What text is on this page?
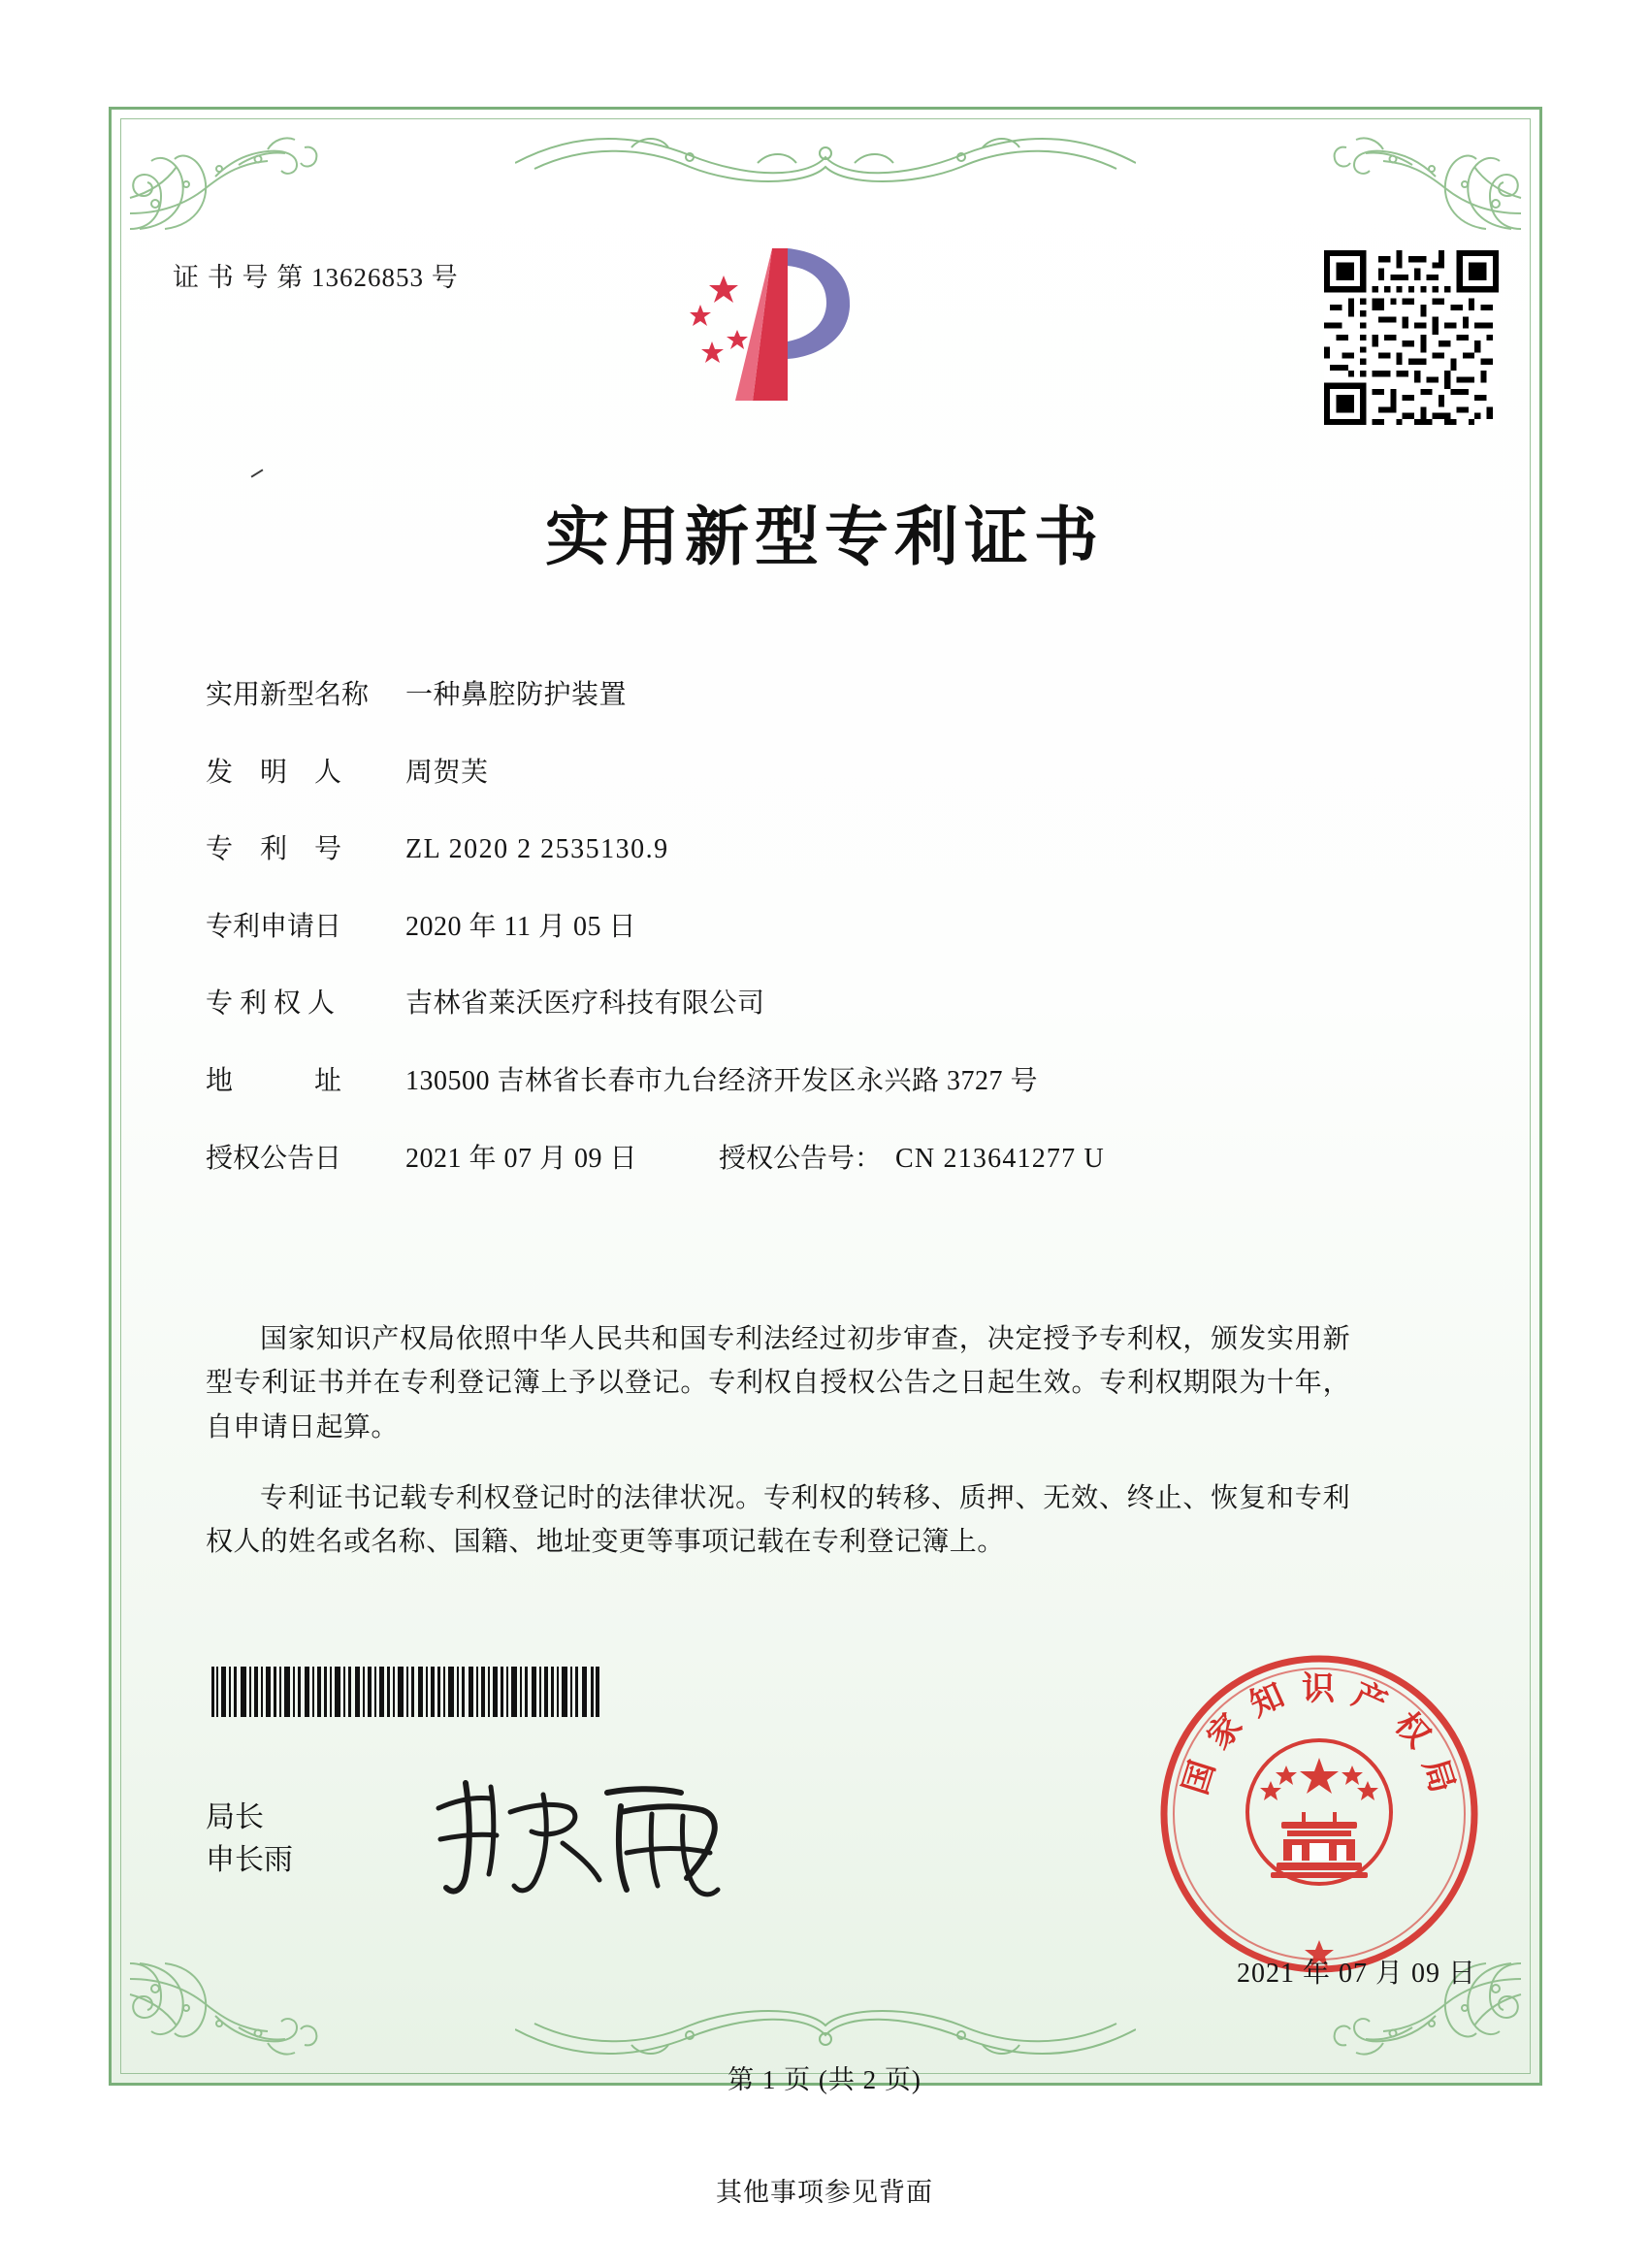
证 书 号 第 13626853 号
实用新型专利证书
实用新型名称	一种鼻腔防护装置
发　明　人	周贺芙
专　利　号	ZL 2020 2 2535130.9
专利申请日	2020 年 11 月 05 日
专 利 权 人	吉林省莱沃医疗科技有限公司
地　　　址	130500 吉林省长春市九台经济开发区永兴路 3727 号
授权公告日	2021 年 07 月 09 日	授权公告号： CN 213641277 U

国家知识产权局依照中华人民共和国专利法经过初步审查，决定授予专利权，颁发实用新型专利证书并在专利登记簿上予以登记。专利权自授权公告之日起生效。专利权期限为十年，自申请日起算。

专利证书记载专利权登记时的法律状况。专利权的转移、质押、无效、终止、恢复和专利权人的姓名或名称、国籍、地址变更等事项记载在专利登记簿上。

局长
申长雨
国 家 知 识 产 权 局
2021 年 07 月 09 日
第 1 页 (共 2 页)
其他事项参见背面
